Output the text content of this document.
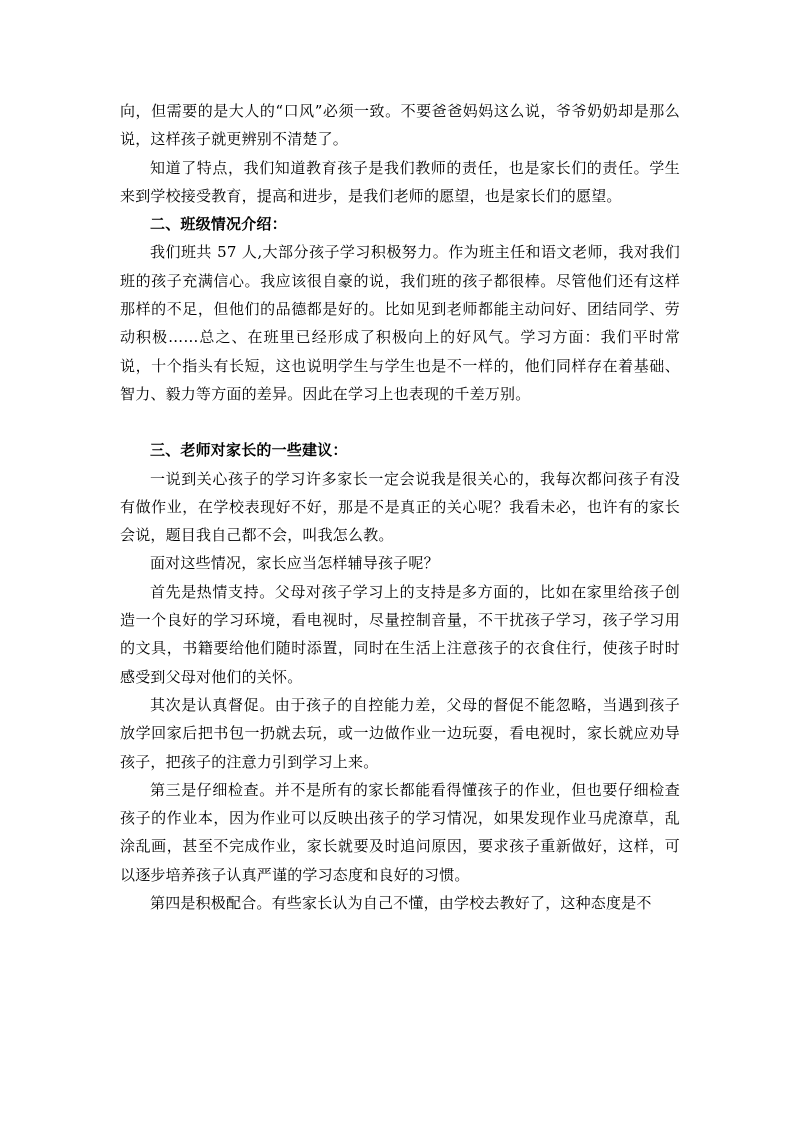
向，但需要的是大人的“口风”必须一致。不要爸爸妈妈这么说，爷爷奶奶却是那么说，这样孩子就更辨别不清楚了。

知道了特点，我们知道教育孩子是我们教师的责任，也是家长们的责任。学生来到学校接受教育，提高和进步，是我们老师的愿望，也是家长们的愿望。

二、班级情况介绍：

我们班共 57 人,大部分孩子学习积极努力。作为班主任和语文老师，我对我们班的孩子充满信心。我应该很自豪的说，我们班的孩子都很棒。尽管他们还有这样那样的不足，但他们的品德都是好的。比如见到老师都能主动问好、团结同学、劳动积极……总之、在班里已经形成了积极向上的好风气。学习方面：我们平时常说，十个指头有长短，这也说明学生与学生也是不一样的，他们同样存在着基础、智力、毅力等方面的差异。因此在学习上也表现的千差万别。

三、老师对家长的一些建议：

一说到关心孩子的学习许多家长一定会说我是很关心的，我每次都问孩子有没有做作业，在学校表现好不好，那是不是真正的关心呢？我看未必，也许有的家长会说，题目我自己都不会，叫我怎么教。

面对这些情况，家长应当怎样辅导孩子呢？

首先是热情支持。父母对孩子学习上的支持是多方面的，比如在家里给孩子创造一个良好的学习环境，看电视时，尽量控制音量，不干扰孩子学习，孩子学习用的文具，书籍要给他们随时添置，同时在生活上注意孩子的衣食住行，使孩子时时感受到父母对他们的关怀。

其次是认真督促。由于孩子的自控能力差，父母的督促不能忽略，当遇到孩子放学回家后把书包一扔就去玩，或一边做作业一边玩耍，看电视时，家长就应劝导孩子，把孩子的注意力引到学习上来。

第三是仔细检查。并不是所有的家长都能看得懂孩子的作业，但也要仔细检查孩子的作业本，因为作业可以反映出孩子的学习情况，如果发现作业马虎潦草，乱涂乱画，甚至不完成作业，家长就要及时追问原因，要求孩子重新做好，这样，可以逐步培养孩子认真严谨的学习态度和良好的习惯。

第四是积极配合。有些家长认为自己不懂，由学校去教好了，这种态度是不
